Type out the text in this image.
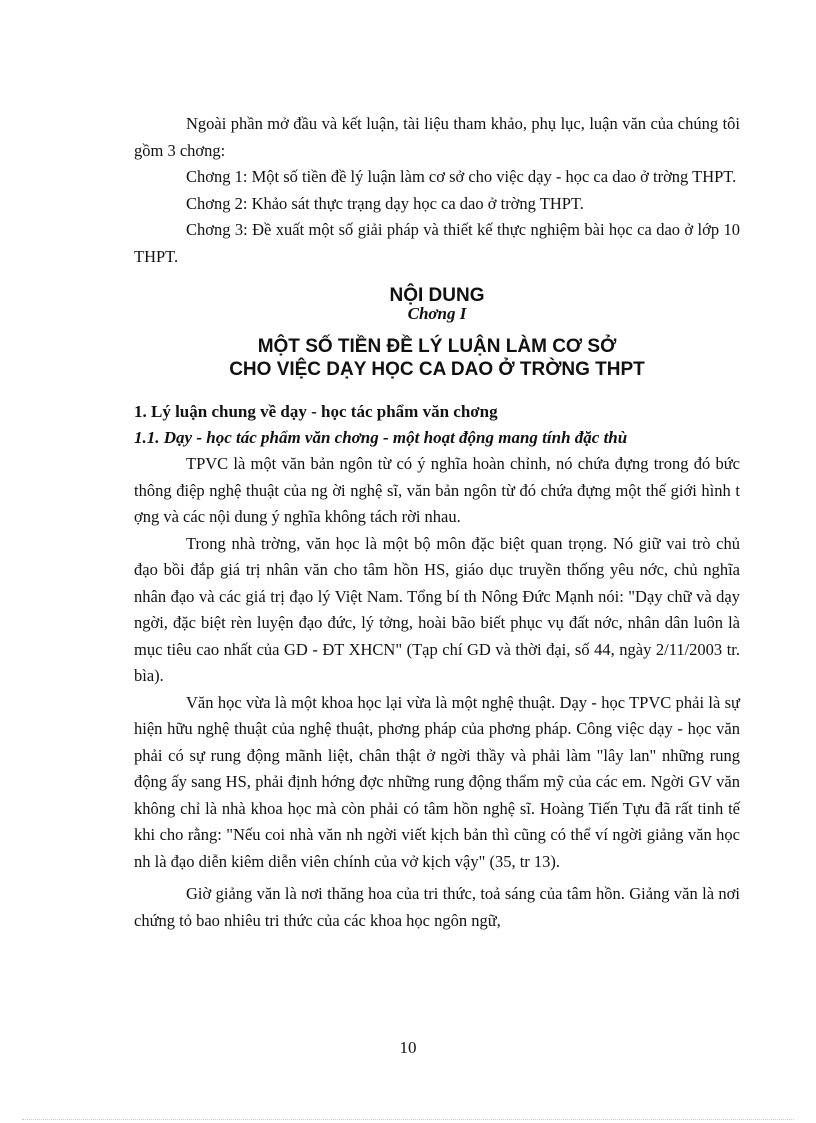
Ngoài phần mở đầu và kết luận, tài liệu tham khảo, phụ lục, luận văn của chúng tôi gồm 3 chơng:

Chơng 1: Một số tiền đề lý luận làm cơ sở cho việc dạy - học ca dao ở trờng THPT.

Chơng 2: Khảo sát thực trạng dạy học ca dao ở trờng THPT.

Chơng 3: Đề xuất một số giải pháp và thiết kế thực nghiệm bài học ca dao ở lớp 10 THPT.

NỘI DUNG
Chơng I
MỘT SỐ TIỀN ĐỀ LÝ LUẬN LÀM CƠ SỞ
CHO VIỆC DẠY HỌC CA DAO Ở TRỜNG THPT
1. Lý luận chung về dạy - học tác phẩm văn chơng
1.1. Dạy - học tác phẩm văn chơng - một hoạt động mang tính đặc thù

TPVC là một văn bản ngôn từ có ý nghĩa hoàn chỉnh, nó chứa đựng trong đó bức thông điệp nghệ thuật của ng ời nghệ sĩ, văn bản ngôn từ đó chứa đựng một thế giới hình t ợng và các nội dung ý nghĩa không tách rời nhau.

Trong nhà trờng, văn học là một bộ môn đặc biệt quan trọng. Nó giữ vai trò chủ đạo bồi đắp giá trị nhân văn cho tâm hồn HS, giáo dục truyền thống yêu nớc, chủ nghĩa nhân đạo và các giá trị đạo lý Việt Nam. Tổng bí th Nông Đức Mạnh nói: "Dạy chữ và dạy ngời, đặc biệt rèn luyện đạo đức, lý tởng, hoài bão biết phục vụ đất nớc, nhân dân luôn là mục tiêu cao nhất của GD - ĐT XHCN" (Tạp chí GD và thời đại, số 44, ngày 2/11/2003 tr. bìa).

Văn học vừa là một khoa học lại vừa là một nghệ thuật. Dạy - học TPVC phải là sự hiện hữu nghệ thuật của nghệ thuật, phơng pháp của phơng pháp. Công việc dạy - học văn phải có sự rung động mãnh liệt, chân thật ở ngời thầy và phải làm "lây lan" những rung động ấy sang HS, phải định hớng đợc những rung động thẩm mỹ của các em. Ngời GV văn không chỉ là nhà khoa học mà còn phải có tâm hồn nghệ sĩ. Hoàng Tiến Tựu đã rất tinh tế khi cho rằng: "Nếu coi nhà văn nh ngời viết kịch bản thì cũng có thể ví ngời giảng văn học nh là đạo diễn kiêm diễn viên chính của vở kịch vậy" (35, tr 13).

Giờ giảng văn là nơi thăng hoa của tri thức, toả sáng của tâm hồn. Giảng văn là nơi chứng tỏ bao nhiêu tri thức của các khoa học ngôn ngữ,

10
